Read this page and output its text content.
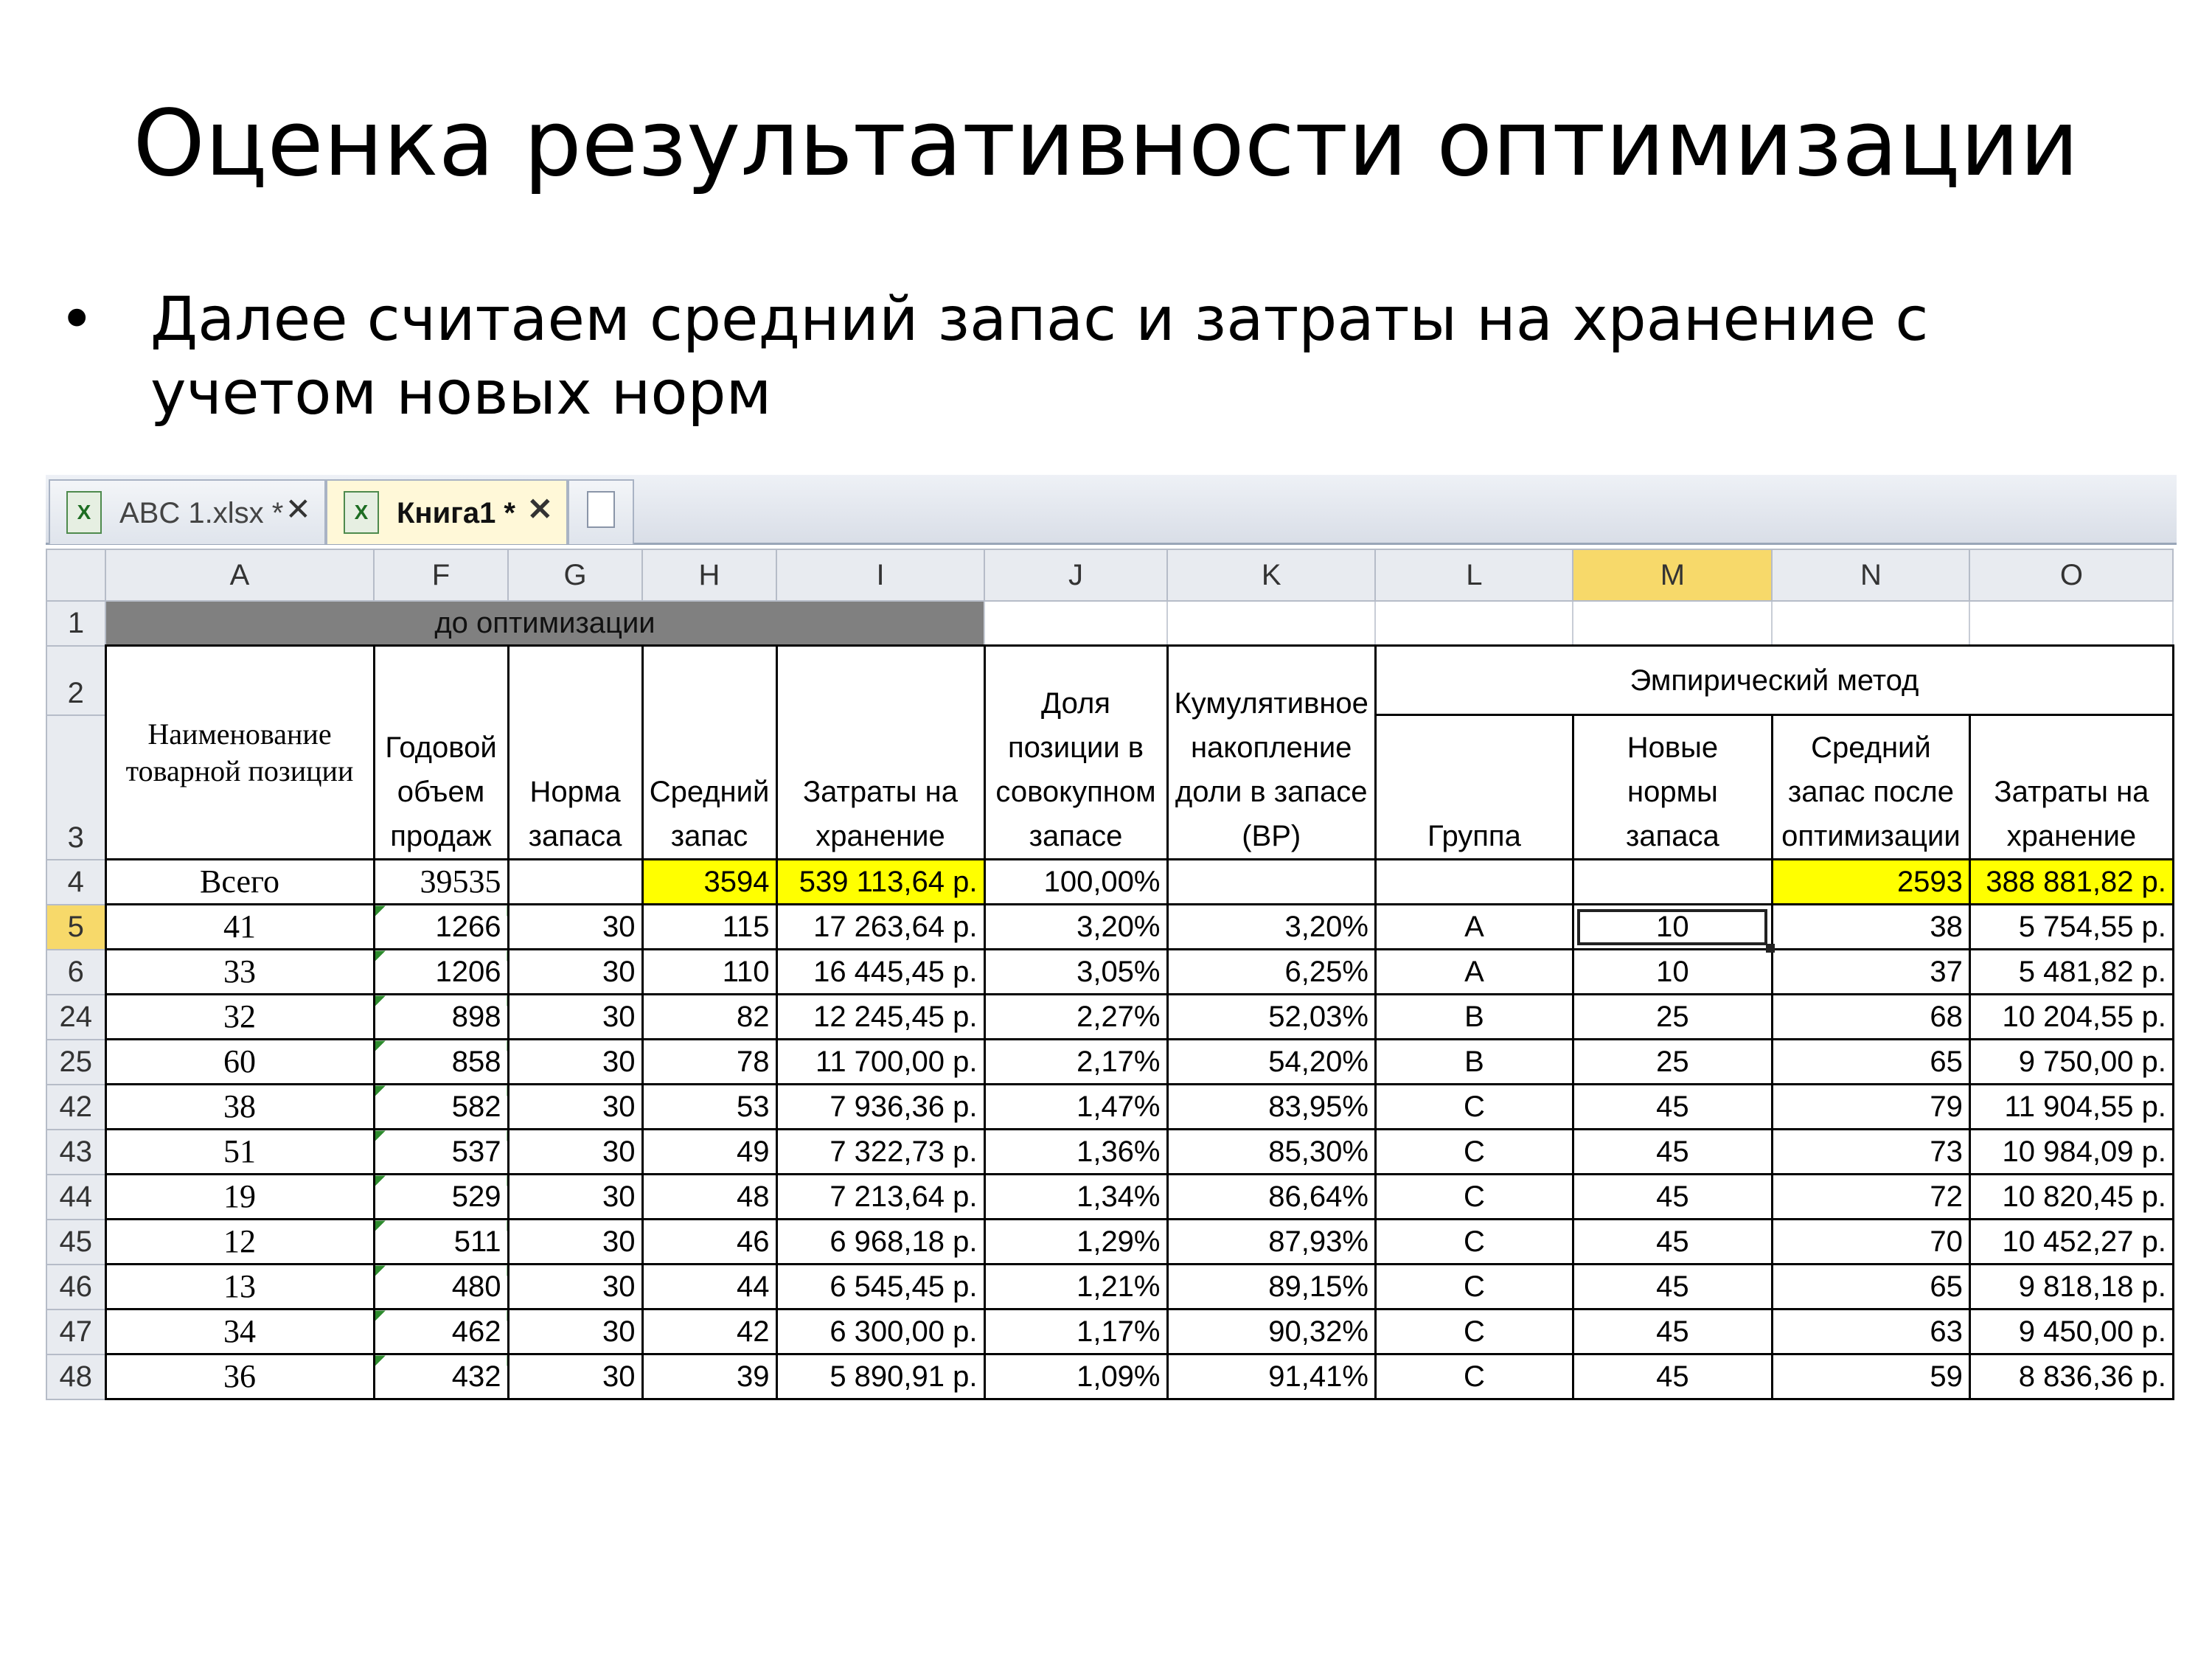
Оценка результативности оптимизации
• Далее считаем средний запас и затраты на хранение с учетом новых норм
X ABC 1.xlsx * ✕	X Книга1 * ✕
	A	F	G	H	I	J	K	L	M	N	O
1	до оптимизации										
2	Наименование товарной позиции	Годовой объем продаж	Норма запаса	Средний запас	Затраты на хранение	Доля позиции в совокупном запасе	Кумулятивное накопление доли в запасе (ВР)	Эмпирический метод			
3								Группа	Новые нормы запаса	Средний запас после оптимизации	Затраты на хранение
4	Всего	39535		3594	539 113,64 р.	100,00%				2593	388 881,82 р.
5	41	1266	30	115	17 263,64 р.	3,20%	3,20%	A	10	38	5 754,55 р.
6	33	1206	30	110	16 445,45 р.	3,05%	6,25%	A	10	37	5 481,82 р.
24	32	898	30	82	12 245,45 р.	2,27%	52,03%	B	25	68	10 204,55 р.
25	60	858	30	78	11 700,00 р.	2,17%	54,20%	B	25	65	9 750,00 р.
42	38	582	30	53	7 936,36 р.	1,47%	83,95%	C	45	79	11 904,55 р.
43	51	537	30	49	7 322,73 р.	1,36%	85,30%	C	45	73	10 984,09 р.
44	19	529	30	48	7 213,64 р.	1,34%	86,64%	C	45	72	10 820,45 р.
45	12	511	30	46	6 968,18 р.	1,29%	87,93%	C	45	70	10 452,27 р.
46	13	480	30	44	6 545,45 р.	1,21%	89,15%	C	45	65	9 818,18 р.
47	34	462	30	42	6 300,00 р.	1,17%	90,32%	C	45	63	9 450,00 р.
48	36	432	30	39	5 890,91 р.	1,09%	91,41%	C	45	59	8 836,36 р.
